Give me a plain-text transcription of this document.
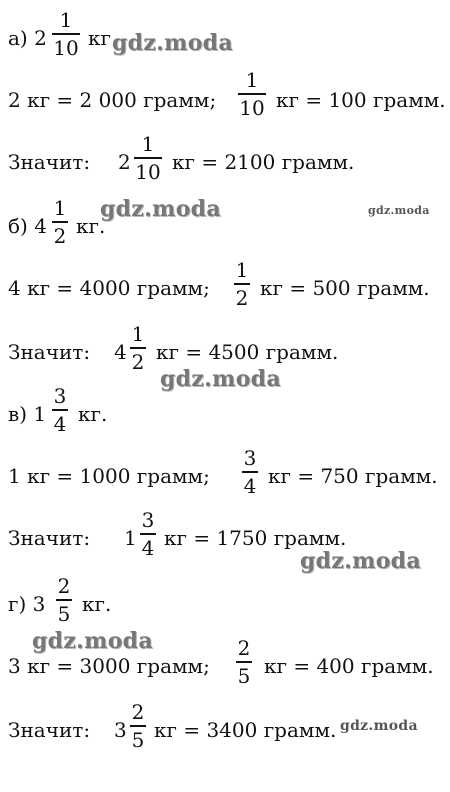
а) 2
1
10 кг
2 кг = 2 000 грамм;
1
10 кг = 100 грамм.
Значит: 2
1
10 кг = 2100 грамм.
б) 4
1
2 кг.
4 кг = 4000 грамм;
1
2 кг = 500 грамм.
Значит: 4
1
2 кг = 4500 грамм.
в) 1
3
4 кг.
1 кг = 1000 грамм;
3
4 кг = 750 грамм.
Значит: 1
3
4 кг = 1750 грамм.
г) 3
2
5 кг.
3 кг = 3000 грамм;
2
5 кг = 400 грамм.
Значит: 3
2
5 кг = 3400 грамм.
gdz.moda
gdz.moda	gdz.moda
gdz.moda
gdz.moda
gdz.moda
gdz.moda
